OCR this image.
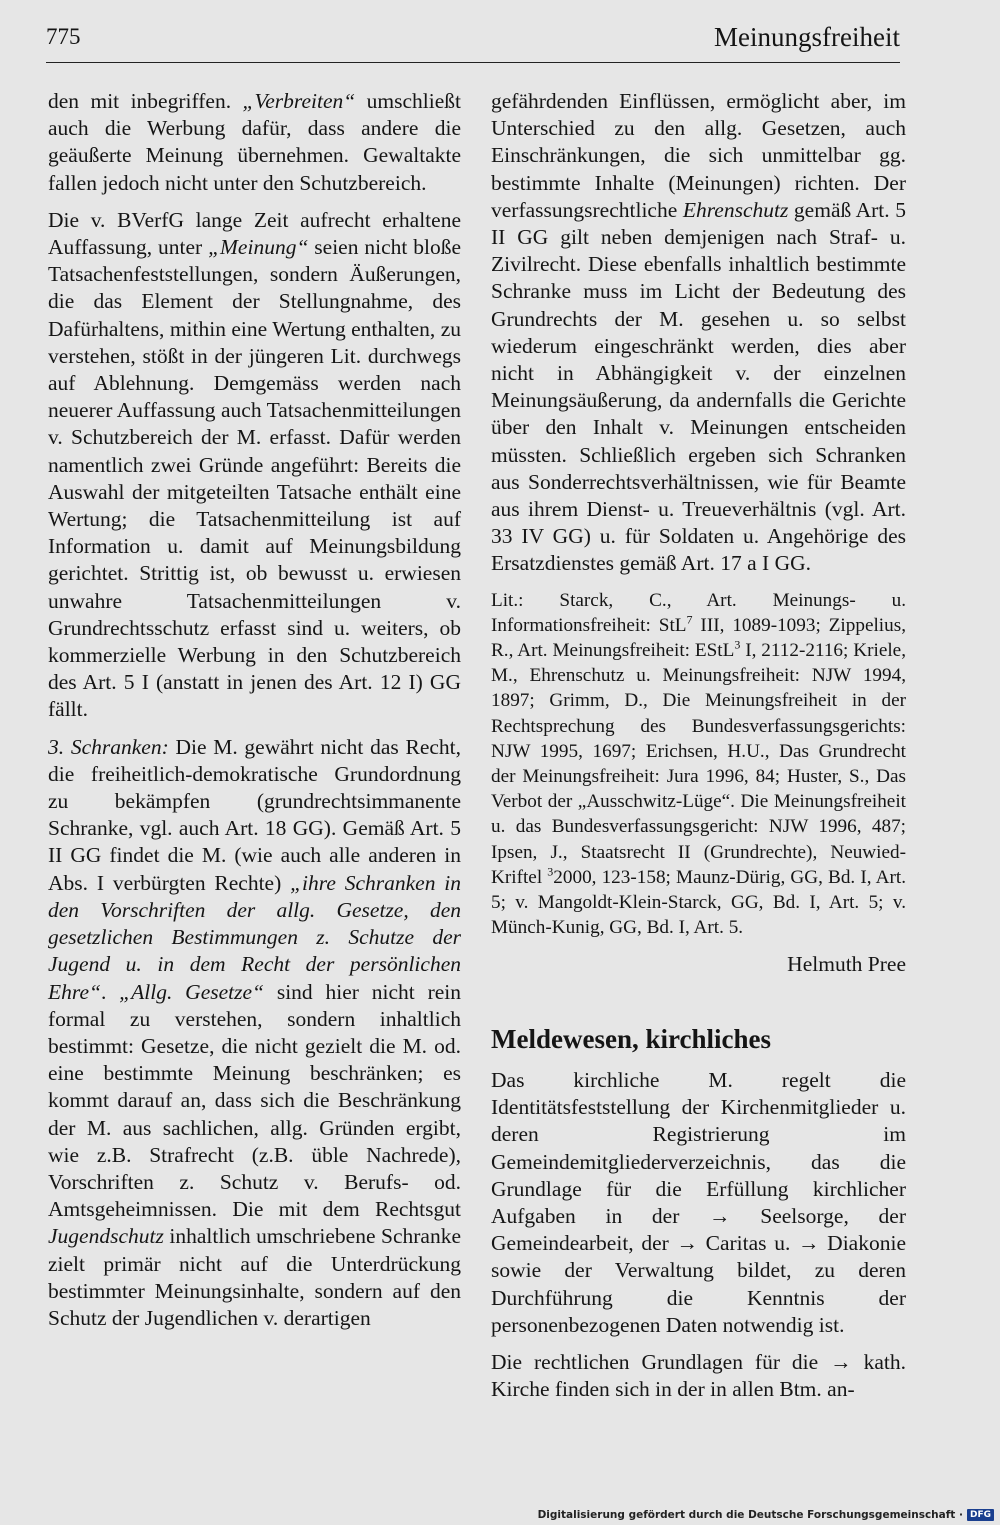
775	Meinungsfreiheit

den mit inbegriffen. „Verbreiten“ umschließt auch die Werbung dafür, dass andere die geäußerte Meinung übernehmen. Gewaltakte fallen jedoch nicht unter den Schutzbereich.

Die v. BVerfG lange Zeit aufrecht erhaltene Auffassung, unter „Meinung“ seien nicht bloße Tatsachenfeststellungen, sondern Äußerungen, die das Element der Stellungnahme, des Dafürhaltens, mithin eine Wertung enthalten, zu verstehen, stößt in der jüngeren Lit. durchwegs auf Ablehnung. Demgemäss werden nach neuerer Auffassung auch Tatsachenmitteilungen v. Schutzbereich der M. erfasst. Dafür werden namentlich zwei Gründe angeführt: Bereits die Auswahl der mitgeteilten Tatsache enthält eine Wertung; die Tatsachenmitteilung ist auf Information u. damit auf Meinungsbildung gerichtet. Strittig ist, ob bewusst u. erwiesen unwahre Tatsachenmitteilungen v. Grundrechtsschutz erfasst sind u. weiters, ob kommerzielle Werbung in den Schutzbereich des Art. 5 I (anstatt in jenen des Art. 12 I) GG fällt.

3. Schranken: Die M. gewährt nicht das Recht, die freiheitlich-demokratische Grundordnung zu bekämpfen (grundrechtsimmanente Schranke, vgl. auch Art. 18 GG). Gemäß Art. 5 II GG findet die M. (wie auch alle anderen in Abs. I verbürgten Rechte) „ihre Schranken in den Vorschriften der allg. Gesetze, den gesetzlichen Bestimmungen z. Schutze der Jugend u. in dem Recht der persönlichen Ehre“. „Allg. Gesetze“ sind hier nicht rein formal zu verstehen, sondern inhaltlich bestimmt: Gesetze, die nicht gezielt die M. od. eine bestimmte Meinung beschränken; es kommt darauf an, dass sich die Beschränkung der M. aus sachlichen, allg. Gründen ergibt, wie z.B. Strafrecht (z.B. üble Nachrede), Vorschriften z. Schutz v. Berufs- od. Amtsgeheimnissen. Die mit dem Rechtsgut Jugendschutz inhaltlich umschriebene Schranke zielt primär nicht auf die Unterdrückung bestimmter Meinungsinhalte, sondern auf den Schutz der Jugendlichen v. derartigen

gefährdenden Einflüssen, ermöglicht aber, im Unterschied zu den allg. Gesetzen, auch Einschränkungen, die sich unmittelbar gg. bestimmte Inhalte (Meinungen) richten. Der verfassungsrechtliche Ehrenschutz gemäß Art. 5 II GG gilt neben demjenigen nach Straf- u. Zivilrecht. Diese ebenfalls inhaltlich bestimmte Schranke muss im Licht der Bedeutung des Grundrechts der M. gesehen u. so selbst wiederum eingeschränkt werden, dies aber nicht in Abhängigkeit v. der einzelnen Meinungsäußerung, da andernfalls die Gerichte über den Inhalt v. Meinungen entscheiden müssten. Schließlich ergeben sich Schranken aus Sonderrechtsverhältnissen, wie für Beamte aus ihrem Dienst- u. Treueverhältnis (vgl. Art. 33 IV GG) u. für Soldaten u. Angehörige des Ersatzdienstes gemäß Art. 17 a I GG.

Lit.: Starck, C., Art. Meinungs- u. Informationsfreiheit: StL$^7$ III, 1089-1093; Zippelius, R., Art. Meinungsfreiheit: EStL$^3$ I, 2112-2116; Kriele, M., Ehrenschutz u. Meinungsfreiheit: NJW 1994, 1897; Grimm, D., Die Meinungsfreiheit in der Rechtsprechung des Bundesverfassungsgerichts: NJW 1995, 1697; Erichsen, H.U., Das Grundrecht der Meinungsfreiheit: Jura 1996, 84; Huster, S., Das Verbot der „Ausschwitz-Lüge“. Die Meinungsfreiheit u. das Bundesverfassungsgericht: NJW 1996, 487; Ipsen, J., Staatsrecht II (Grundrechte), Neuwied-Kriftel $^3$2000, 123-158; Maunz-Dürig, GG, Bd. I, Art. 5; v. Mangoldt-Klein-Starck, GG, Bd. I, Art. 5; v. Münch-Kunig, GG, Bd. I, Art. 5.

Helmuth Pree

Meldewesen, kirchliches

Das kirchliche M. regelt die Identitätsfeststellung der Kirchenmitglieder u. deren Registrierung im Gemeindemitgliederverzeichnis, das die Grundlage für die Erfüllung kirchlicher Aufgaben in der → Seelsorge, der Gemeindearbeit, der → Caritas u. → Diakonie sowie der Verwaltung bildet, zu deren Durchführung die Kenntnis der personenbezogenen Daten notwendig ist.

Die rechtlichen Grundlagen für die → kath. Kirche finden sich in der in allen Btm. an-

Digitalisierung gefördert durch die Deutsche Forschungsgemeinschaft · DFG
